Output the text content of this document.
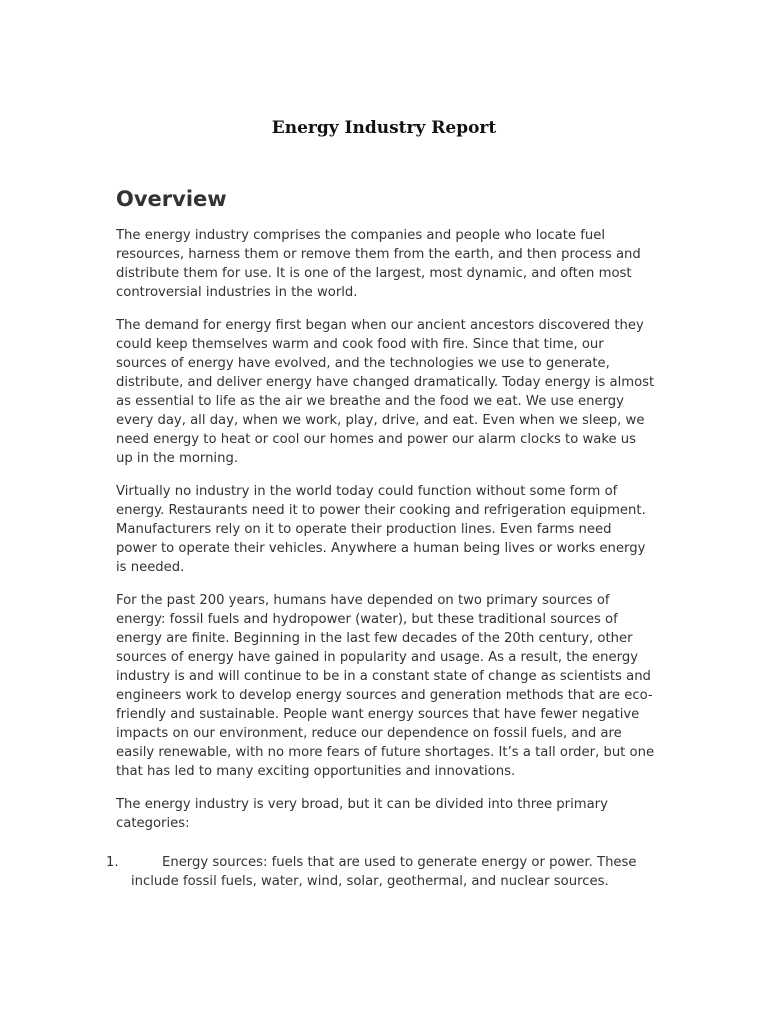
Energy Industry Report
Overview

The energy industry comprises the companies and people who locate fuel resources, harness them or remove them from the earth, and then process and distribute them for use. It is one of the largest, most dynamic, and often most controversial industries in the world.

The demand for energy first began when our ancient ancestors discovered they could keep themselves warm and cook food with fire. Since that time, our sources of energy have evolved, and the technologies we use to generate, distribute, and deliver energy have changed dramatically. Today energy is almost as essential to life as the air we breathe and the food we eat. We use energy every day, all day, when we work, play, drive, and eat. Even when we sleep, we need energy to heat or cool our homes and power our alarm clocks to wake us up in the morning.

Virtually no industry in the world today could function without some form of energy. Restaurants need it to power their cooking and refrigeration equipment. Manufacturers rely on it to operate their production lines. Even farms need power to operate their vehicles. Anywhere a human being lives or works energy is needed.

For the past 200 years, humans have depended on two primary sources of energy: fossil fuels and hydropower (water), but these traditional sources of energy are finite. Beginning in the last few decades of the 20th century, other sources of energy have gained in popularity and usage. As a result, the energy industry is and will continue to be in a constant state of change as scientists and engineers work to develop energy sources and generation methods that are eco-friendly and sustainable. People want energy sources that have fewer negative impacts on our environment, reduce our dependence on fossil fuels, and are easily renewable, with no more fears of future shortages. It’s a tall order, but one that has led to many exciting opportunities and innovations.

The energy industry is very broad, but it can be divided into three primary categories:

1.	Energy sources: fuels that are used to generate energy or power. These include fossil fuels, water, wind, solar, geothermal, and nuclear sources.
